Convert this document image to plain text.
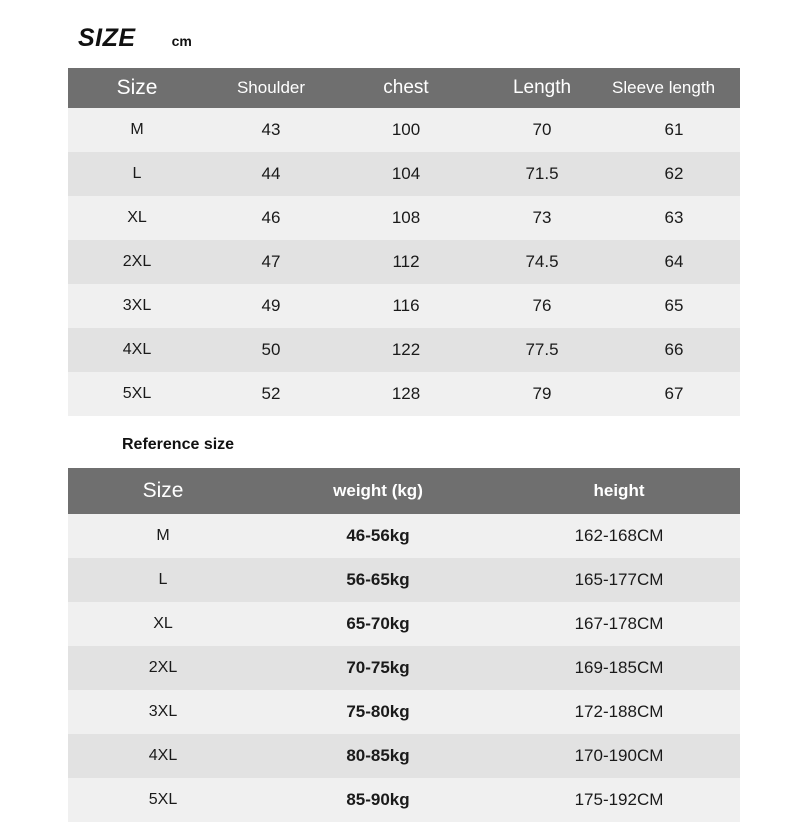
SIZE	cm
Size	Shoulder	chest	Length	Sleeve length
M	43	100	70	61
L	44	104	71.5	62
XL	46	108	73	63
2XL	47	112	74.5	64
3XL	49	116	76	65
4XL	50	122	77.5	66
5XL	52	128	79	67
Reference size
Size	weight (kg)	height
M	46-56kg	162-168CM
L	56-65kg	165-177CM
XL	65-70kg	167-178CM
2XL	70-75kg	169-185CM
3XL	75-80kg	172-188CM
4XL	80-85kg	170-190CM
5XL	85-90kg	175-192CM
